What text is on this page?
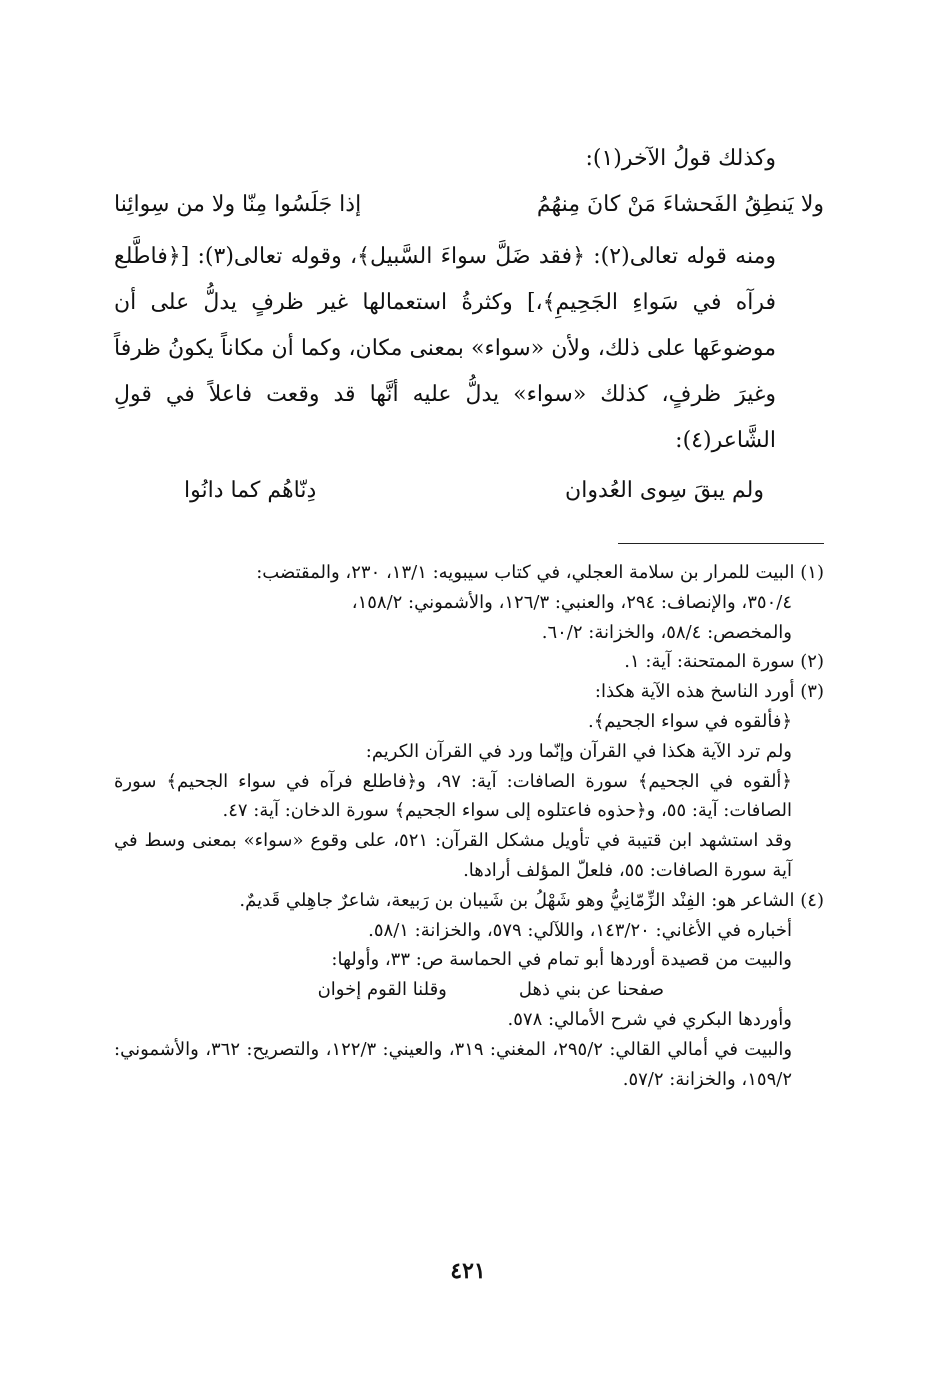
وكذلك قولُ الآخر(١):

ولا يَنطِقُ الفَحشاءَ مَنْ كانَ مِنهُمُ
إذا جَلَسُوا مِنّا ولا من سِوائِنا

ومنه قوله تعالى(٢): ﴿فقد ضَلَّ سواءَ السَّبيل﴾، وقوله تعالى(٣): [﴿فاطَّلع فرآه في سَواءِ الجَحِيمِ﴾،] وكثرةُ استعمالها غير ظرفٍ يدلُّ على أن موضوعَها على ذلك، ولأن «سواء» بمعنى مكان، وكما أن مكاناً يكونُ ظرفاً وغيرَ ظرفٍ، كذلك «سواء» يدلُّ عليه أنَّها قد وقعت فاعلاً في قولِ الشَّاعر(٤):

ولم يبقَ سِوى العُدوان
دِنّاهُم كما دانُوا

(١) البيت للمرار بن سلامة العجلي، في كتاب سيبويه: ١٣/١، ٢٣٠، والمقتضب:

٣٥٠/٤، والإنصاف: ٢٩٤، والعنبي: ١٢٦/٣، والأشموني: ١٥٨/٢،

والمخصص: ٥٨/٤، والخزانة: ٦٠/٢.

(٢) سورة الممتحنة: آية: ١.

(٣) أورد الناسخ هذه الآية هكذا:

﴿فألقوه في سواء الجحيم﴾.

ولم ترد الآية هكذا في القرآن وإنّما ورد في القرآن الكريم:

﴿ألقوه في الجحيم﴾ سورة الصافات: آية: ٩٧، و﴿فاطلع فرآه في سواء الجحيم﴾ سورة الصافات: آية: ٥٥، و﴿حذوه فاعتلوه إلى سواء الجحيم﴾ سورة الدخان: آية: ٤٧.

وقد استشهد ابن قتيبة في تأويل مشكل القرآن: ٥٢١، على وقوع «سواء» بمعنى وسط في آية سورة الصافات: ٥٥، فلعلّ المؤلف أرادها.

(٤) الشاعر هو: الفِنْد الزِّمّانِيُّ وهو شَهْلُ بن شَيبان بن رَبيعة، شاعرٌ جاهِلي قَديمٌ.

أخباره في الأغاني: ١٤٣/٢٠، واللآلي: ٥٧٩، والخزانة: ٥٨/١.

والبيت من قصيدة أوردها أبو تمام في الحماسة ص: ٣٣، وأولها:

صفحنا عن بني ذهل
وقلنا القوم إخوان

وأوردها البكري في شرح الأمالي: ٥٧٨.

والبيت في أمالي القالي: ٢٩٥/٢، المغني: ٣١٩، والعيني: ١٢٢/٣، والتصريح: ٣٦٢، والأشموني: ١٥٩/٢، والخزانة: ٥٧/٢.

٤٢١
